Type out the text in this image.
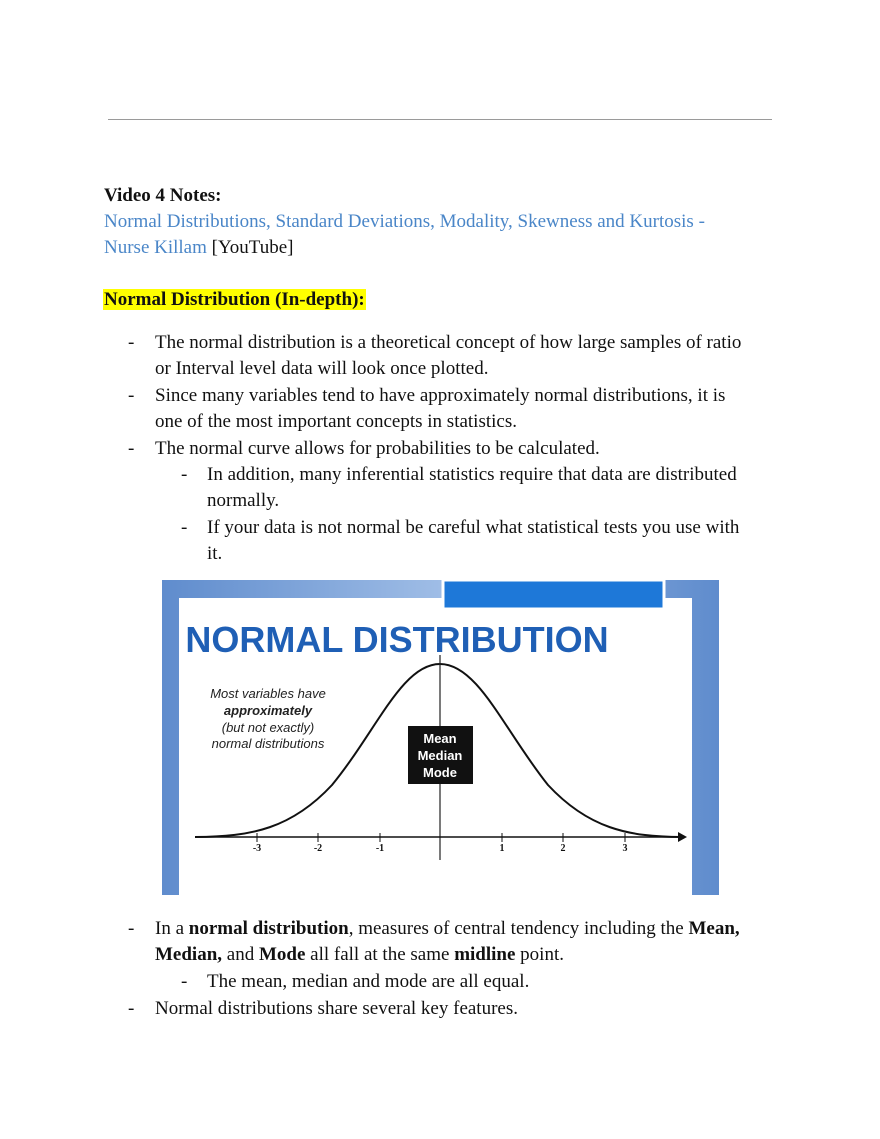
Video 4 Notes:
Normal Distributions, Standard Deviations, Modality, Skewness and Kurtosis -
Nurse Killam [YouTube]
Normal Distribution (In-depth):
- The normal distribution is a theoretical concept of how large samples of ratio
or Interval level data will look once plotted.
- Since many variables tend to have approximately normal distributions, it is
one of the most important concepts in statistics.
- The normal curve allows for probabilities to be calculated.
- In addition, many inferential statistics require that data are distributed
normally.
- If your data is not normal be careful what statistical tests you use with
it.
NORMAL DISTRIBUTION
-3	-2	-1	1	2	3
Most variables have
approximately
(but not exactly)
normal distributions	Mean
Median
Mode
- In a normal distribution, measures of central tendency including the Mean,
Median, and Mode all fall at the same midline point.
- The mean, median and mode are all equal.
- Normal distributions share several key features.
